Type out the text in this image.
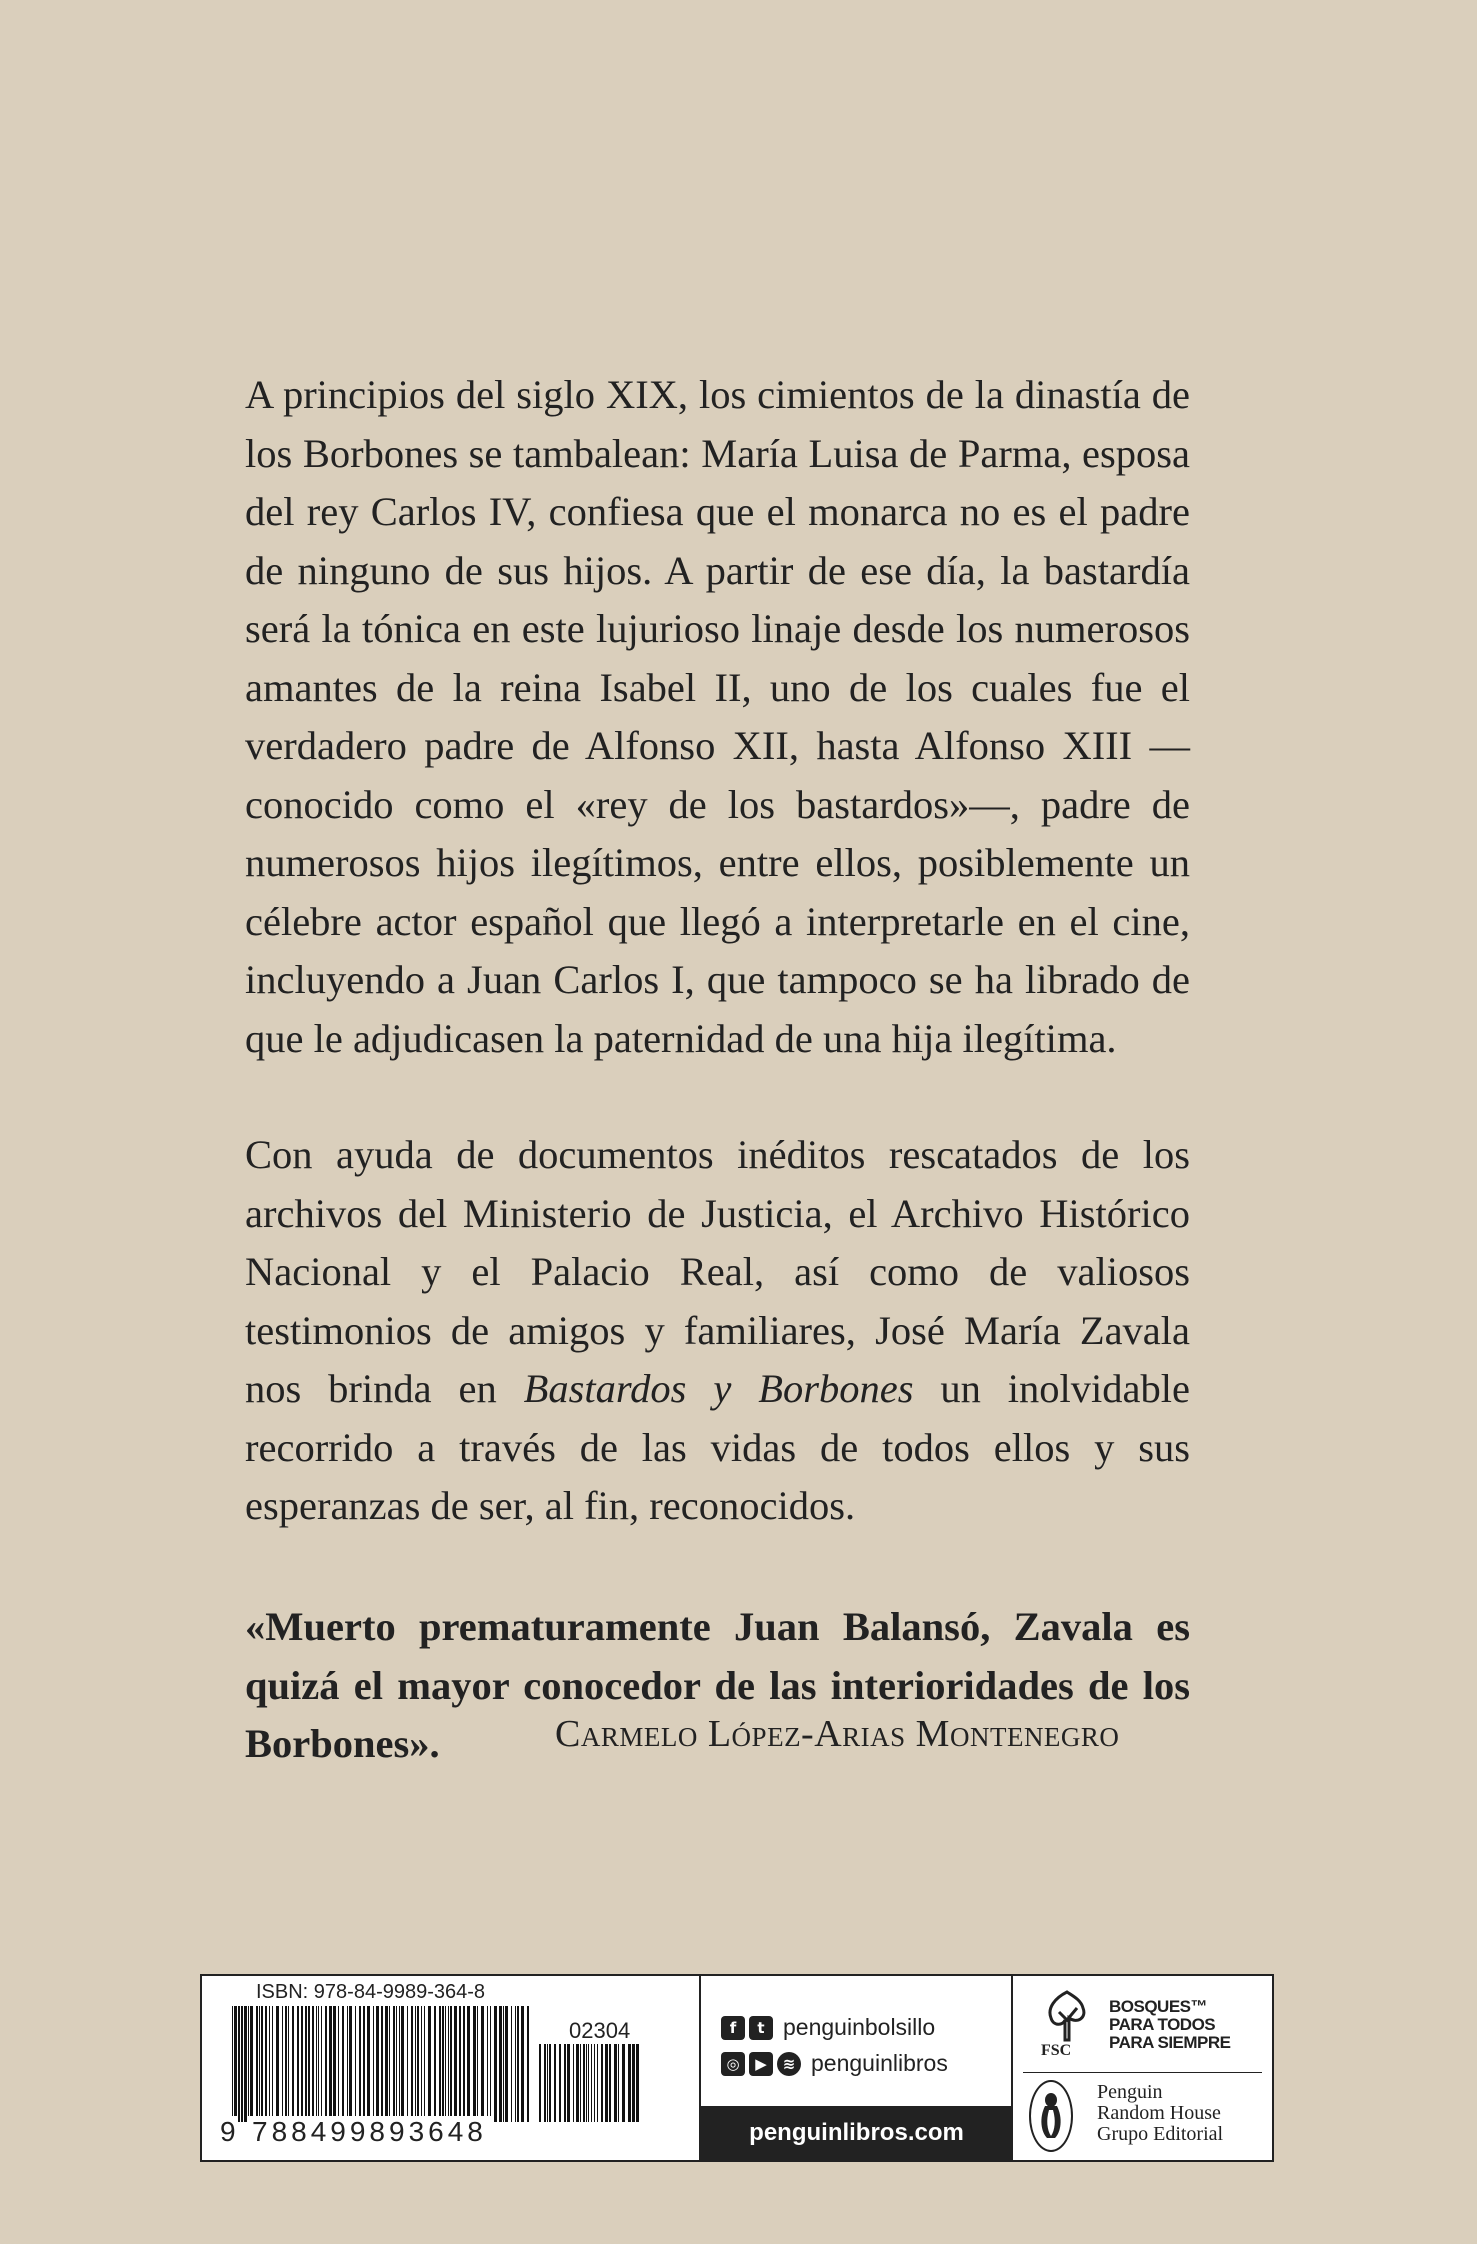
A principios del siglo XIX, los cimientos de la dinastía de los Borbones se tambalean: María Luisa de Parma, esposa del rey Carlos IV, confiesa que el monarca no es el padre de ninguno de sus hijos. A partir de ese día, la bastardía será la tónica en este lujurioso linaje desde los numerosos amantes de la reina Isabel II, uno de los cuales fue el verdadero padre de Alfonso XII, hasta Alfonso XIII —conocido como el «rey de los bastardos»—, padre de numerosos hijos ilegítimos, entre ellos, posiblemente un célebre actor español que llegó a interpretarle en el cine, incluyendo a Juan Carlos I, que tampoco se ha librado de que le adjudicasen la paternidad de una hija ilegítima.

Con ayuda de documentos inéditos rescatados de los archivos del Ministerio de Justicia, el Archivo Histórico Nacional y el Palacio Real, así como de valiosos testimonios de amigos y familiares, José María Zavala nos brinda en Bastardos y Borbones un inolvidable recorrido a través de las vidas de todos ellos y sus esperanzas de ser, al fin, reconocidos.

«Muerto prematuramente Juan Balansó, Zavala es quizá el mayor conocedor de las interioridades de los Borbones».	Carmelo López-Arias Montenegro
ISBN: 978-84-9989-364-8
02304
9 788499893648
f	t penguinbolsillo
◎	▶	≋ penguinlibros
penguinlibros.com
FSC
BOSQUES™
PARA TODOS
PARA SIEMPRE
Penguin
Random House
Grupo Editorial
